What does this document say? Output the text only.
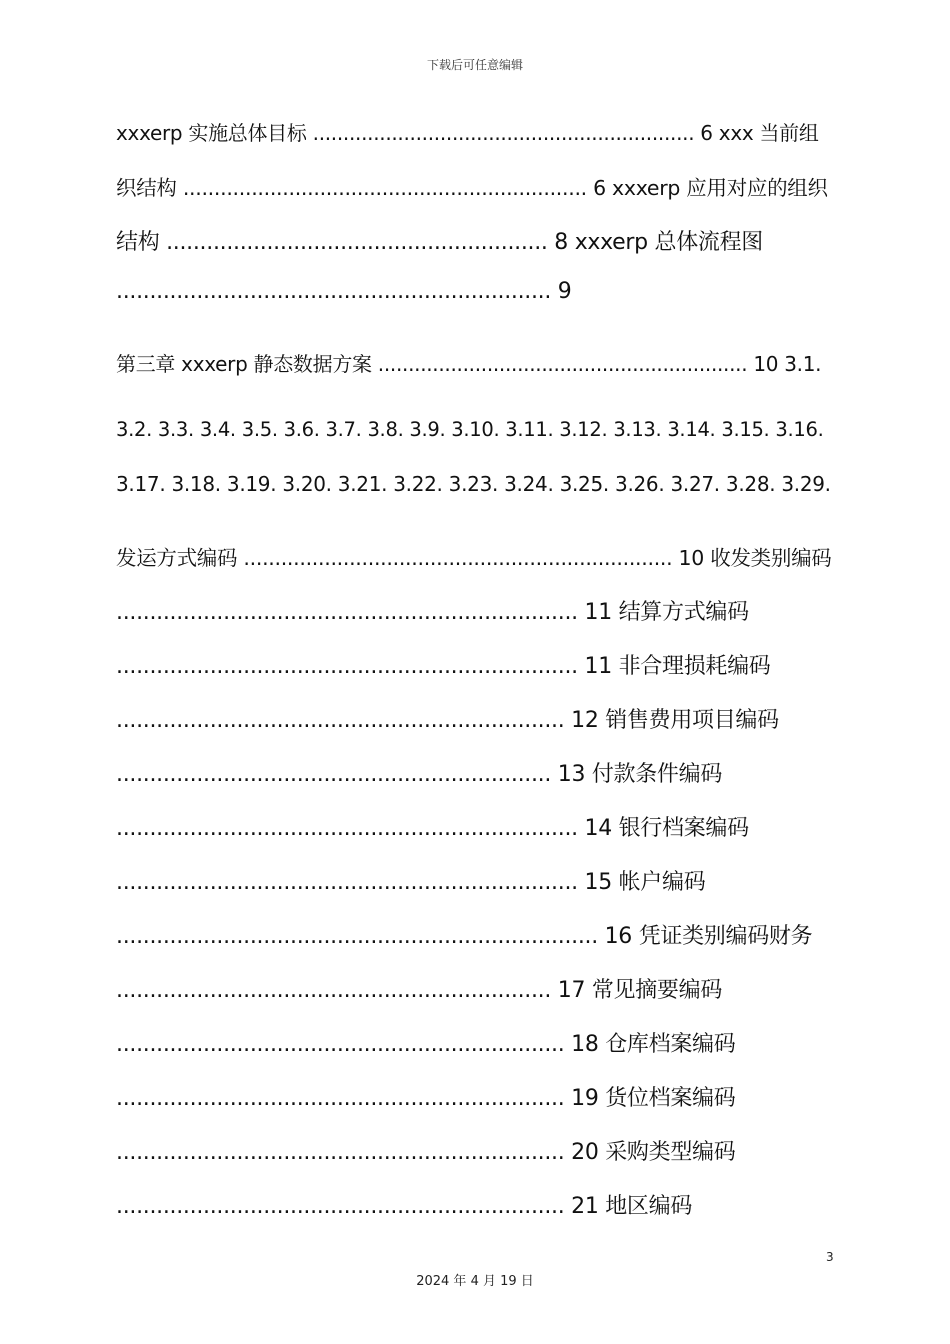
下载后可任意编辑
xxxerp 实施总体目标 ............................................................... 6 xxx 当前组
织结构 ................................................................. 6 xxxerp 应用对应的组织
结构 ......................................................... 8 xxxerp 总体流程图
................................................................. 9
第三章 xxxerp 静态数据方案 ............................................................. 10 3.1.
3.2. 3.3. 3.4. 3.5. 3.6. 3.7. 3.8. 3.9. 3.10. 3.11. 3.12. 3.13. 3.14. 3.15. 3.16.
3.17. 3.18. 3.19. 3.20. 3.21. 3.22. 3.23. 3.24. 3.25. 3.26. 3.27. 3.28. 3.29.
发运方式编码 ..................................................................... 10 收发类别编码
..................................................................... 11 结算方式编码
..................................................................... 11 非合理损耗编码
................................................................... 12 销售费用项目编码
................................................................. 13 付款条件编码
..................................................................... 14 银行档案编码
..................................................................... 15 帐户编码
........................................................................ 16 凭证类别编码财务
................................................................. 17 常见摘要编码
................................................................... 18 仓库档案编码
................................................................... 19 货位档案编码
................................................................... 20 采购类型编码
................................................................... 21 地区编码
3
2024 年 4 月 19 日
